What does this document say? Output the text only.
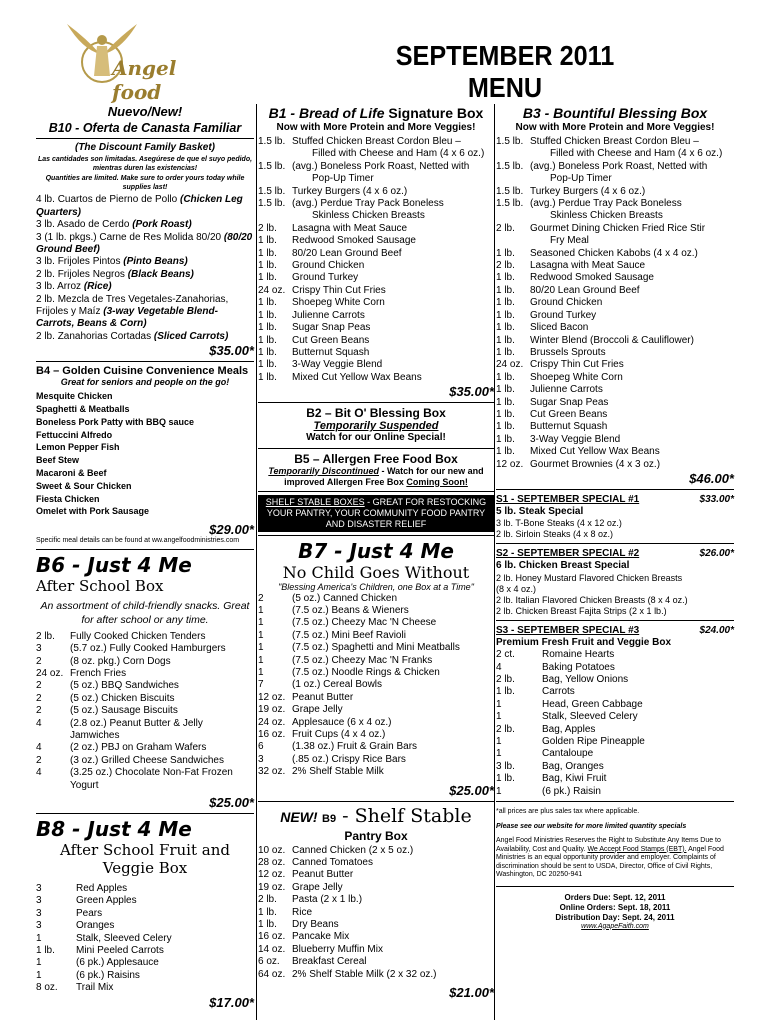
Angel food
SEPTEMBER 2011 MENU
Nuevo/New!
B10 - Oferta de Canasta Familiar
(The Discount Family Basket)
Las cantidades son limitadas. Asegúrese de que el suyo pedido, mientras duren las existencias!
Quantities are limited. Make sure to order yours today while supplies last!
4 lb. Cuartos de Pierno de Pollo (Chicken Leg Quarters)
3 lb. Asado de Cerdo (Pork Roast)
3 (1 lb. pkgs.) Carne de Res Molida 80/20 (80/20 Ground Beef)
3 lb. Frijoles Pintos (Pinto Beans)
2 lb. Frijoles Negros (Black Beans)
3 lb. Arroz (Rice)
2 lb. Mezcla de Tres Vegetales-Zanahorias, Frijoles y Maíz (3-way Vegetable Blend-Carrots, Beans & Corn)
2 lb. Zanahorias Cortadas (Sliced Carrots)
$35.00*
B4 – Golden Cuisine Convenience Meals
Great for seniors and people on the go!
Mesquite Chicken
Spaghetti & Meatballs
Boneless Pork Patty with BBQ sauce
Fettuccini Alfredo
Lemon Pepper Fish
Beef Stew
Macaroni & Beef
Sweet & Sour Chicken
Fiesta Chicken
Omelet with Pork Sausage
$29.00*
Specific meal details can be found at ww.angelfoodministries.com
B6 - Just 4 Me
After School Box
An assortment of child-friendly snacks. Great for after school or any time.
2 lb.	Fully Cooked Chicken Tenders
3	(5.7 oz.) Fully Cooked Hamburgers
2	(8 oz. pkg.) Corn Dogs
24 oz. French Fries
2	(5 oz.) BBQ Sandwiches
2	(5 oz.) Chicken Biscuits
2	(5 oz.) Sausage Biscuits
4	(2.8 oz.) Peanut Butter & Jelly Jamwiches
4	(2 oz.) PBJ on Graham Wafers
2	(3 oz.) Grilled Cheese Sandwiches
4	(3.25 oz.) Chocolate Non-Fat Frozen Yogurt
$25.00*
B8 - Just 4 Me
After School Fruit and Veggie Box
3	Red Apples
3	Green Apples
3	Pears
3	Oranges
1	Stalk, Sleeved Celery
1 lb.	Mini Peeled Carrots
1	(6 pk.) Applesauce
1	(6 pk.) Raisins
8 oz.	Trail Mix
$17.00*
B1 - Bread of Life Signature Box
Now with More Protein and More Veggies!
1.5 lb. Stuffed Chicken Breast Cordon Bleu –
Filled with Cheese and Ham (4 x 6 oz.)
1.5 lb. (avg.) Boneless Pork Roast, Netted with
Pop-Up Timer
1.5 lb. Turkey Burgers (4 x 6 oz.)
1.5 lb. (avg.) Perdue Tray Pack Boneless
Skinless Chicken Breasts
2 lb.	Lasagna with Meat Sauce
1 lb.	Redwood Smoked Sausage
1 lb.	80/20 Lean Ground Beef
1 lb.	Ground Chicken
1 lb.	Ground Turkey
24 oz. Crispy Thin Cut Fries
1 lb.	Shoepeg White Corn
1 lb.	Julienne Carrots
1 lb.	Sugar Snap Peas
1 lb.	Cut Green Beans
1 lb.	Butternut Squash
1 lb.	3-Way Veggie Blend
1 lb.	Mixed Cut Yellow Wax Beans
$35.00*
B2 – Bit O' Blessing Box
Temporarily Suspended
Watch for our Online Special!
B5 – Allergen Free Food Box
Temporarily Discontinued - Watch for our new and improved Allergen Free Box Coming Soon!
SHELF STABLE BOXES - GREAT FOR RESTOCKING YOUR PANTRY, YOUR COMMUNITY FOOD PANTRY AND DISASTER RELIEF
B7 - Just 4 Me
No Child Goes Without
"Blessing America's Children, one Box at a Time"
2	(5 oz.) Canned Chicken
1	(7.5 oz.) Beans & Wieners
1	(7.5 oz.) Cheezy Mac 'N Cheese
1	(7.5 oz.) Mini Beef Ravioli
1	(7.5 oz.) Spaghetti and Mini Meatballs
1	(7.5 oz.) Cheezy Mac 'N Franks
1	(7.5 oz.) Noodle Rings & Chicken
7	(1 oz.) Cereal Bowls
12 oz. Peanut Butter
19 oz. Grape Jelly
24 oz. Applesauce (6 x 4 oz.)
16 oz. Fruit Cups (4 x 4 oz.)
6	(1.38 oz.) Fruit & Grain Bars
3	(.85 oz.) Crispy Rice Bars
32 oz. 2% Shelf Stable Milk
$25.00*
NEW! B9 - Shelf Stable
Pantry Box
10 oz. Canned Chicken (2 x 5 oz.)
28 oz. Canned Tomatoes
12 oz. Peanut Butter
19 oz. Grape Jelly
2 lb.	Pasta (2 x 1 lb.)
1 lb.	Rice
1 lb.	Dry Beans
16 oz. Pancake Mix
14 oz. Blueberry Muffin Mix
6 oz.	Breakfast Cereal
64 oz. 2% Shelf Stable Milk (2 x 32 oz.)
$21.00*
B3 - Bountiful Blessing Box
Now with More Protein and More Veggies!
1.5 lb. Stuffed Chicken Breast Cordon Bleu –
Filled with Cheese and Ham (4 x 6 oz.)
1.5 lb. (avg.) Boneless Pork Roast, Netted with
Pop-Up Timer
1.5 lb. Turkey Burgers (4 x 6 oz.)
1.5 lb. (avg.) Perdue Tray Pack Boneless
Skinless Chicken Breasts
2 lb.	Gourmet Dining Chicken Fried Rice Stir
Fry Meal
1 lb.	Seasoned Chicken Kabobs (4 x 4 oz.)
2 lb.	Lasagna with Meat Sauce
1 lb.	Redwood Smoked Sausage
1 lb.	80/20 Lean Ground Beef
1 lb.	Ground Chicken
1 lb.	Ground Turkey
1 lb.	Sliced Bacon
1 lb.	Winter Blend (Broccoli & Cauliflower)
1 lb.	Brussels Sprouts
24 oz. Crispy Thin Cut Fries
1 lb.	Shoepeg White Corn
1 lb.	Julienne Carrots
1 lb.	Sugar Snap Peas
1 lb.	Cut Green Beans
1 lb.	Butternut Squash
1 lb.	3-Way Veggie Blend
1 lb.	Mixed Cut Yellow Wax Beans
12 oz. Gourmet Brownies (4 x 3 oz.)
$46.00*
S1 - SEPTEMBER SPECIAL #1	$33.00*
5 lb. Steak Special
3 lb. T-Bone Steaks (4 x 12 oz.)
2 lb. Sirloin Steaks (4 x 8 oz.)
S2 - SEPTEMBER SPECIAL #2	$26.00*
6 lb. Chicken Breast Special
2 lb. Honey Mustard Flavored Chicken Breasts
(8 x 4 oz.)
2 lb. Italian Flavored Chicken Breasts (8 x 4 oz.)
2 lb. Chicken Breast Fajita Strips (2 x 1 lb.)
S3 - SEPTEMBER SPECIAL #3	$24.00*
Premium Fresh Fruit and Veggie Box
2 ct.	Romaine Hearts
4	Baking Potatoes
2 lb.	Bag, Yellow Onions
1 lb.	Carrots
1	Head, Green Cabbage
1	Stalk, Sleeved Celery
2 lb.	Bag, Apples
1	Golden Ripe Pineapple
1	Cantaloupe
3 lb.	Bag, Oranges
1 lb.	Bag, Kiwi Fruit
1	(6 pk.) Raisin
*all prices are plus sales tax where applicable.
Please see our website for more limited quantity specials
Angel Food Ministries Reserves the Right to Substitute Any Items Due to Availability, Cost and Quality. We Accept Food Stamps (EBT). Angel Food Ministries is an equal opportunity provider and employer. Complaints of discrimination should be sent to USDA, Director, Office of Civil Rights, Washington, DC 20250-941
Orders Due: Sept. 12, 2011
Online Orders: Sept. 18, 2011
Distribution Day: Sept. 24, 2011
www.AgapeFaith.com
